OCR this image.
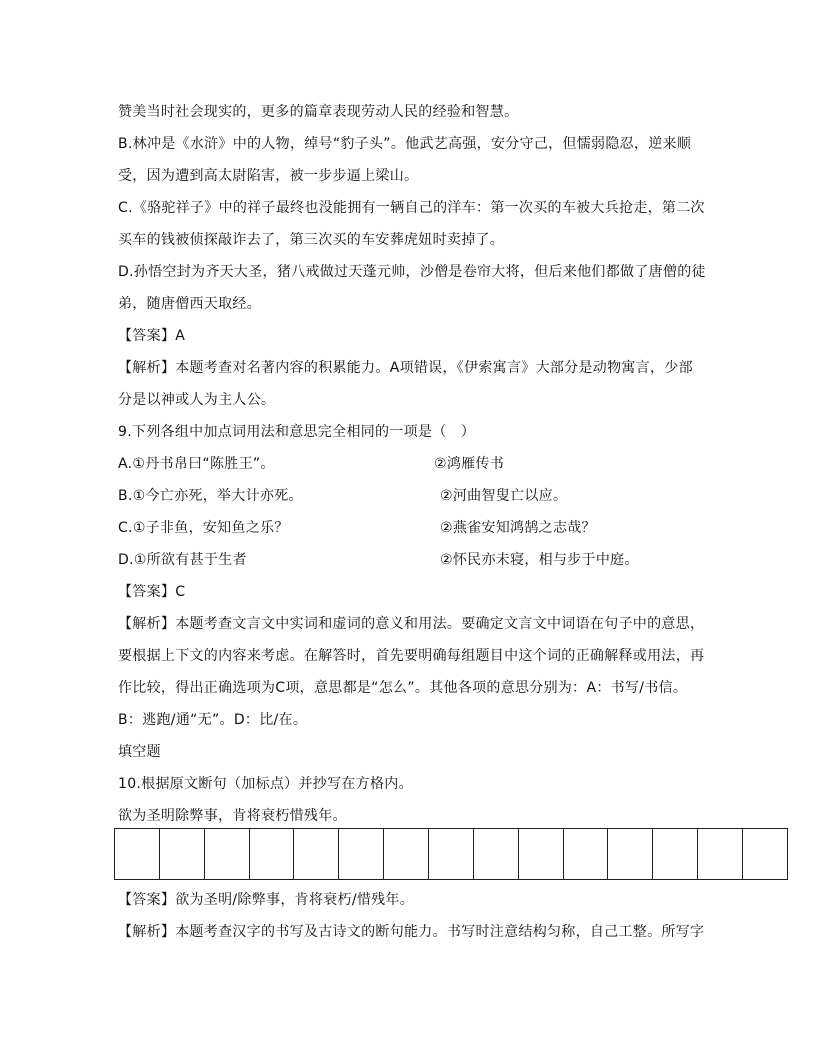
赞美当时社会现实的，更多的篇章表现劳动人民的经验和智慧。
B.林冲是《水浒》中的人物，绰号“豹子头”。他武艺高强，安分守己，但懦弱隐忍，逆来顺
受，因为遭到高太尉陷害，被一步步逼上梁山。
C.《骆驼祥子》中的祥子最终也没能拥有一辆自己的洋车：第一次买的车被大兵抢走，第二次
买车的钱被侦探敲诈去了，第三次买的车安葬虎妞时卖掉了。
D.孙悟空封为齐天大圣，猪八戒做过天蓬元帅，沙僧是卷帘大将，但后来他们都做了唐僧的徒
弟，随唐僧西天取经。
【答案】A
【解析】本题考查对名著内容的积累能力。A项错误，《伊索寓言》大部分是动物寓言，少部
分是以神或人为主人公。
9.下列各组中加点词用法和意思完全相同的一项是（　）
A.①丹书帛曰“陈胜王”。	②鸿雁传书
B.①今亡亦死，举大计亦死。	②河曲智叟亡以应。
C.①子非鱼，安知鱼之乐？	②燕雀安知鸿鹄之志哉？
D.①所欲有甚于生者	②怀民亦未寝，相与步于中庭。
【答案】C
【解析】本题考查文言文中实词和虚词的意义和用法。要确定文言文中词语在句子中的意思，
要根据上下文的内容来考虑。在解答时，首先要明确每组题目中这个词的正确解释或用法，再
作比较，得出正确选项为C项，意思都是“怎么”。其他各项的意思分别为：A：书写/书信。
B：逃跑/通“无”。D：比/在。
填空题
10.根据原文断句（加标点）并抄写在方格内。
欲为圣明除弊事，肯将衰朽惜残年。
【答案】欲为圣明/除弊事，肯将衰朽/惜残年。
【解析】本题考查汉字的书写及古诗文的断句能力。书写时注意结构匀称，自己工整。所写字
